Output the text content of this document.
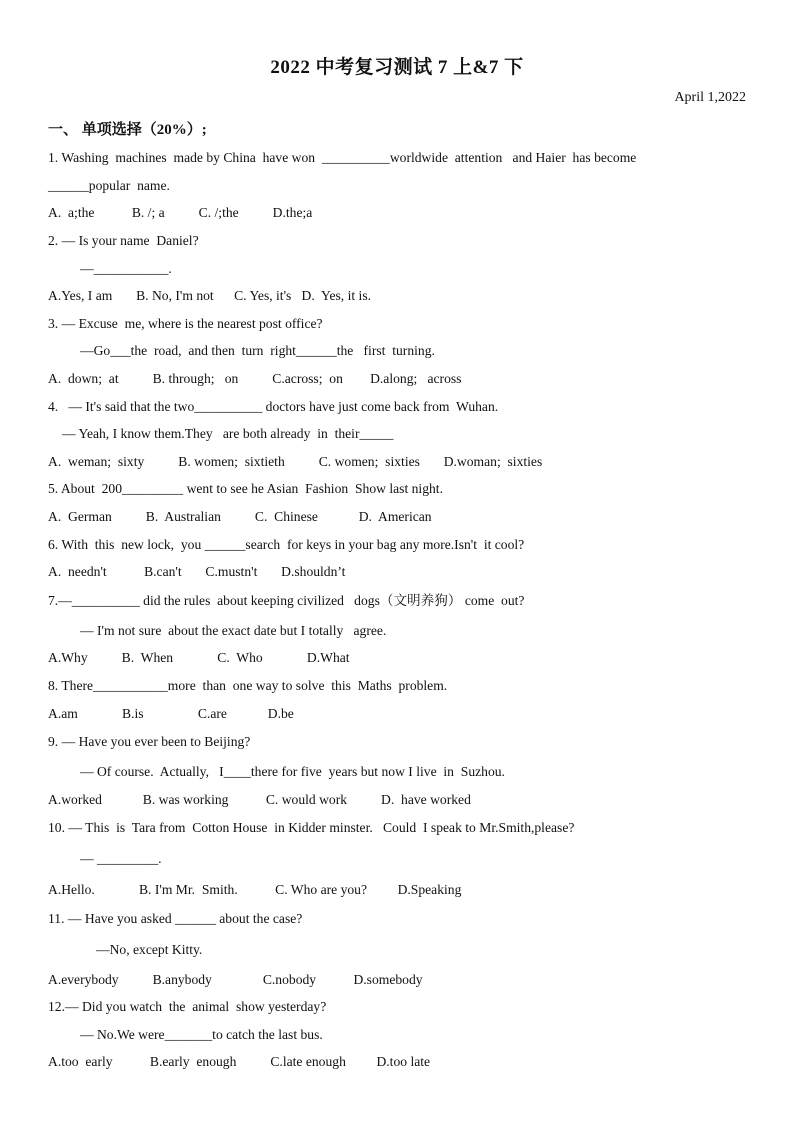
2022 中考复习测试 7 上&7 下
April 1,2022
一、 单项选择（20%）;
1. Washing  machines  made by China  have won  __________worldwide  attention   and Haier  has become
______popular  name.
A.  a;the           B. /; a          C. /;the          D.the;a
2. — Is your name  Daniel?
—___________.
A.Yes, I am       B. No, I'm not      C. Yes, it's   D.  Yes, it is.
3. — Excuse  me, where is the nearest post office?
—Go___the  road,  and then  turn  right______the   first  turning.
A.  down;  at          B. through;   on          C.across;  on        D.along;   across
4.   — It's said that the two__________ doctors have just come back from  Wuhan.
— Yeah, I know them.They   are both already  in  their_____
A.  weman;  sixty          B. women;  sixtieth          C. women;  sixties       D.woman;  sixties
5. About  200_________ went to see he Asian  Fashion  Show last night.
A.  German          B.  Australian          C.  Chinese            D.  American
6. With  this  new lock,  you ______search  for keys in your bag any more.Isn't  it cool?
A.  needn't           B.can't       C.mustn't       D.shouldn’t
7.—__________ did the rules  about keeping civilized   dogs（文明养狗） come  out?
— I'm not sure  about the exact date but I totally   agree.
A.Why          B.  When             C.  Who             D.What
8. There___________more  than  one way to solve  this  Maths  problem.
A.am             B.is                C.are            D.be
9. — Have you ever been to Beijing?
— Of course.  Actually,   I____there for five  years but now I live  in  Suzhou.
A.worked            B. was working           C. would work          D.  have worked
10. — This  is  Tara from  Cotton House  in Kidder minster.   Could  I speak to Mr.Smith,please?
— _________.
A.Hello.             B. I'm Mr.  Smith.           C. Who are you?         D.Speaking
11. — Have you asked ______ about the case?
—No, except Kitty.
A.everybody          B.anybody               C.nobody           D.somebody
12.— Did you watch  the  animal  show yesterday?
— No.We were_______to catch the last bus.
A.too  early           B.early  enough          C.late enough         D.too late
